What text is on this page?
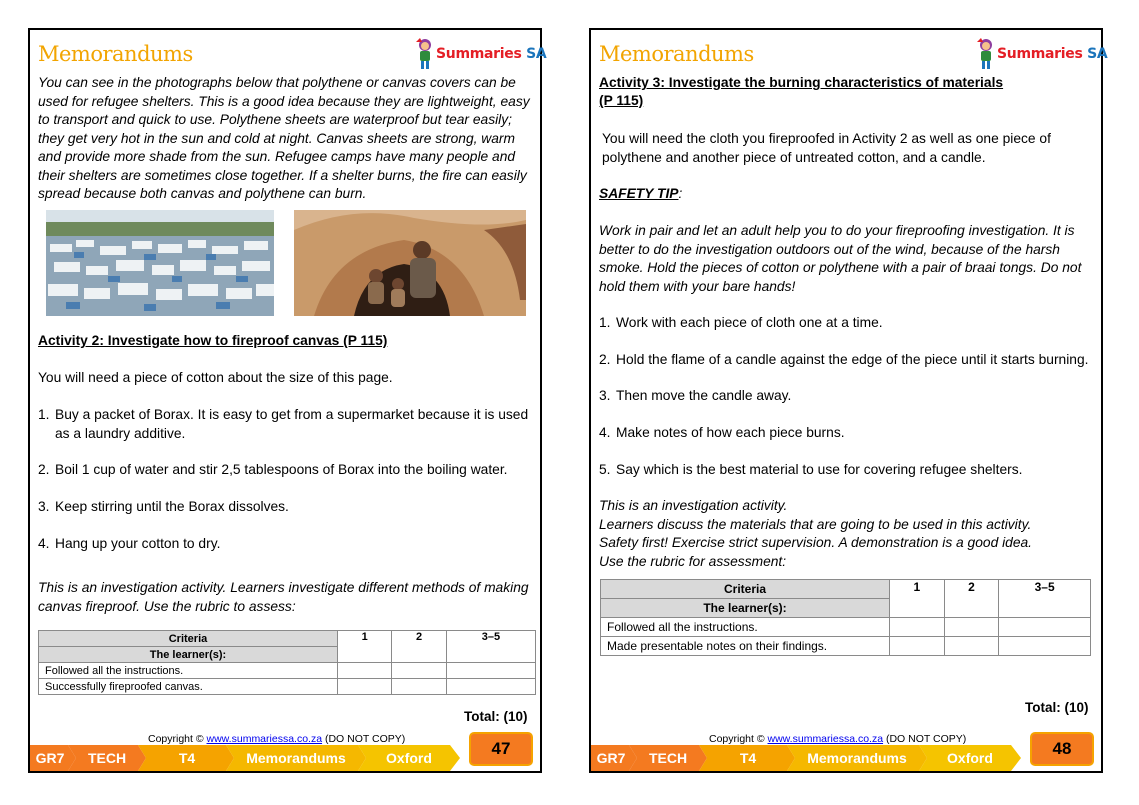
Memorandums	Summaries SA
You can see in the photographs below that polythene or canvas covers can be used for refugee shelters. This is a good idea because they are lightweight, easy to transport and quick to use. Polythene sheets are waterproof but tear easily; they get very hot in the sun and cold at night. Canvas sheets are strong, warm and provide more shade from the sun. Refugee camps have many people and their shelters are sometimes close together. If a shelter burns, the fire can easily spread because both canvas and polythene can burn.
Activity 2: Investigate how to fireproof canvas (P 115)
You will need a piece of cotton about the size of this page.
1. Buy a packet of Borax. It is easy to get from a supermarket because it is used as a laundry additive.
2. Boil 1 cup of water and stir 2,5 tablespoons of Borax into the boiling water.
3. Keep stirring until the Borax dissolves.
4. Hang up your cotton to dry.
This is an investigation activity. Learners investigate different methods of making canvas fireproof. Use the rubric to assess:
Criteria	1	2	3–5
The learner(s):			
Followed all the instructions.			
Successfully fireproofed canvas.			
Total: (10)
Copyright © www.summariessa.co.za (DO NOT COPY)
GR7	TECH	T4	Memorandums	Oxford	47
Memorandums	Summaries SA
Activity 3: Investigate the burning characteristics of materials
(P 115)
You will need the cloth you fireproofed in Activity 2 as well as one piece of polythene and another piece of untreated cotton, and a candle.
SAFETY TIP:
Work in pair and let an adult help you to do your fireproofing investigation. It is better to do the investigation outdoors out of the wind, because of the harsh smoke. Hold the pieces of cotton or polythene with a pair of braai tongs. Do not hold them with your bare hands!
1. Work with each piece of cloth one at a time.
2. Hold the flame of a candle against the edge of the piece until it starts burning.
3. Then move the candle away.
4. Make notes of how each piece burns.
5. Say which is the best material to use for covering refugee shelters.
This is an investigation activity.
Learners discuss the materials that are going to be used in this activity.
Safety first! Exercise strict supervision. A demonstration is a good idea.
Use the rubric for assessment:
Criteria	1	2	3–5
The learner(s):			
Followed all the instructions.			
Made presentable notes on their findings.			
Total: (10)
Copyright © www.summariessa.co.za (DO NOT COPY)
GR7	TECH	T4	Memorandums	Oxford	48
